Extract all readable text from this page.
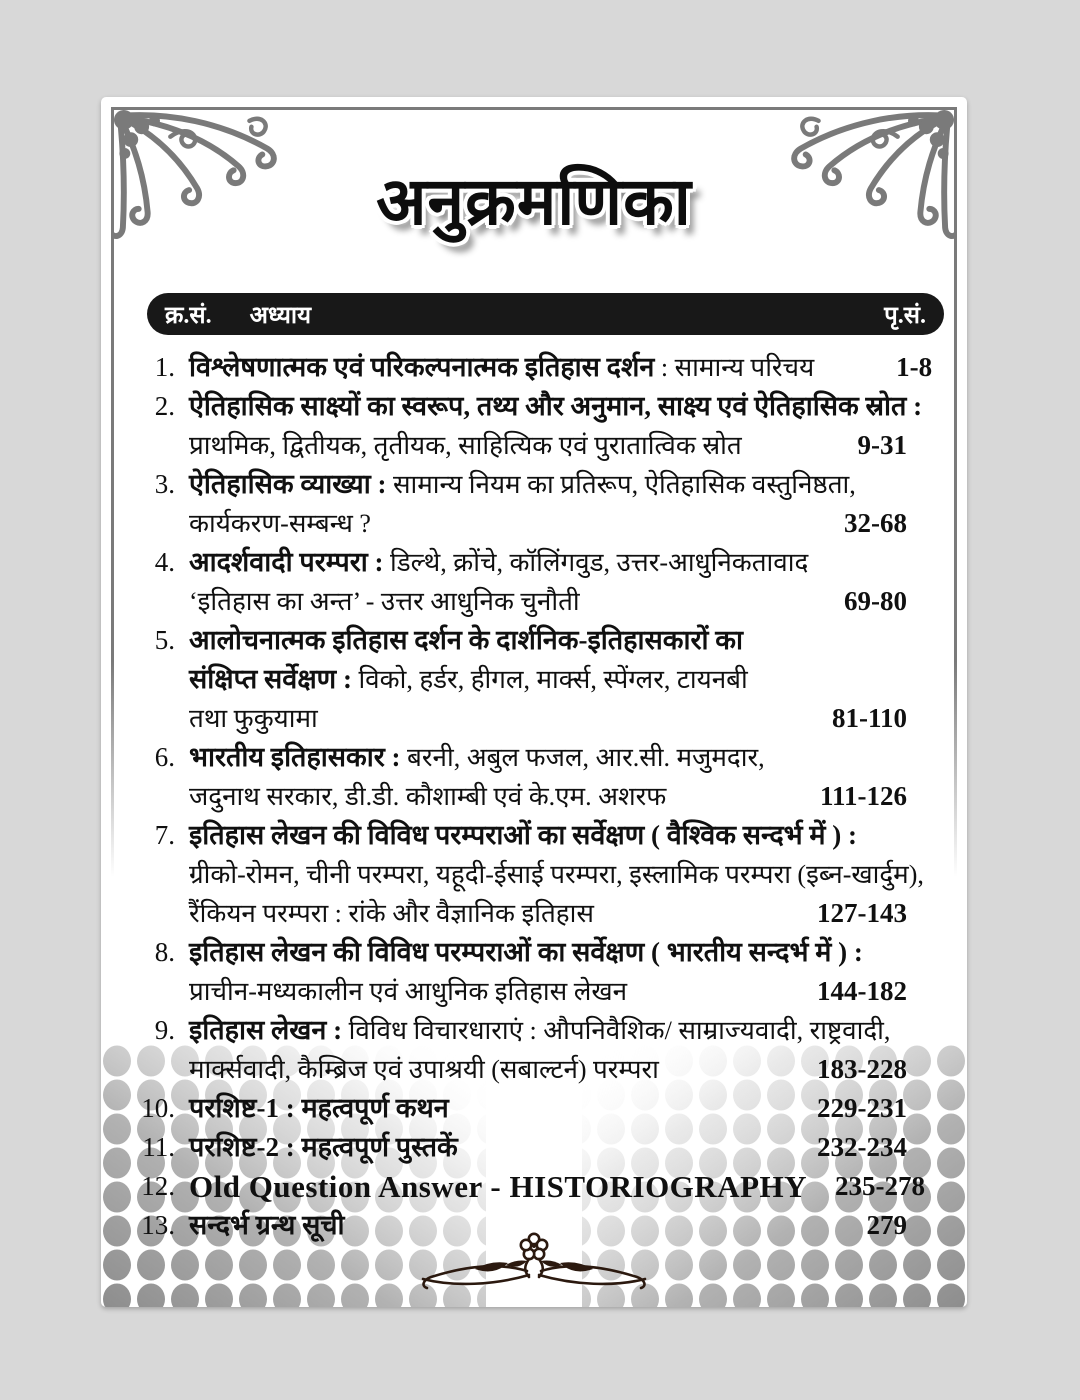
अनुक्रमणिका
क्र.सं. अध्याय	पृ.सं.
1. विश्लेषणात्मक एवं परिकल्पनात्मक इतिहास दर्शन : सामान्य परिचय	1-8
2. ऐतिहासिक साक्ष्यों का स्वरूप, तथ्य और अनुमान, साक्ष्य एवं ऐतिहासिक स्रोत :
प्राथमिक, द्वितीयक, तृतीयक, साहित्यिक एवं पुरातात्विक स्रोत	9-31
3. ऐतिहासिक व्याख्या : सामान्य नियम का प्रतिरूप, ऐतिहासिक वस्तुनिष्ठता,
कार्यकरण-सम्बन्ध ?	32-68
4. आदर्शवादी परम्परा : डिल्थे, क्रोंचे, कॉलिंगवुड, उत्तर-आधुनिकतावाद
‘इतिहास का अन्त’ - उत्तर आधुनिक चुनौती	69-80
5. आलोचनात्मक इतिहास दर्शन के दार्शनिक-इतिहासकारों का
संक्षिप्त सर्वेक्षण : विको, हर्डर, हीगल, मार्क्स, स्पेंग्लर, टायनबी
तथा फुकुयामा	81-110
6. भारतीय इतिहासकार : बरनी, अबुल फजल, आर.सी. मजुमदार,
जदुनाथ सरकार, डी.डी. कौशाम्बी एवं के.एम. अशरफ	111-126
7. इतिहास लेखन की विविध परम्पराओं का सर्वेक्षण ( वैश्विक सन्दर्भ में ) :
ग्रीको-रोमन, चीनी परम्परा, यहूदी-ईसाई परम्परा, इस्लामिक परम्परा (इब्न-खार्दुम),
रैंकियन परम्परा : रांके और वैज्ञानिक इतिहास	127-143
8. इतिहास लेखन की विविध परम्पराओं का सर्वेक्षण ( भारतीय सन्दर्भ में ) :
प्राचीन-मध्यकालीन एवं आधुनिक इतिहास लेखन	144-182
9. इतिहास लेखन : विविध विचारधाराएं : औपनिवैशिक/ साम्राज्यवादी, राष्ट्रवादी,
मार्क्सवादी, कैम्ब्रिज एवं उपाश्रयी (सबाल्टर्न) परम्परा	183-228
10. परशिष्ट-1 : महत्वपूर्ण कथन	229-231
11. परशिष्ट-2 : महत्वपूर्ण पुस्तकें	232-234
12. Old Question Answer - HISTORIOGRAPHY	235-278
13. सन्दर्भ ग्रन्थ सूची	279
